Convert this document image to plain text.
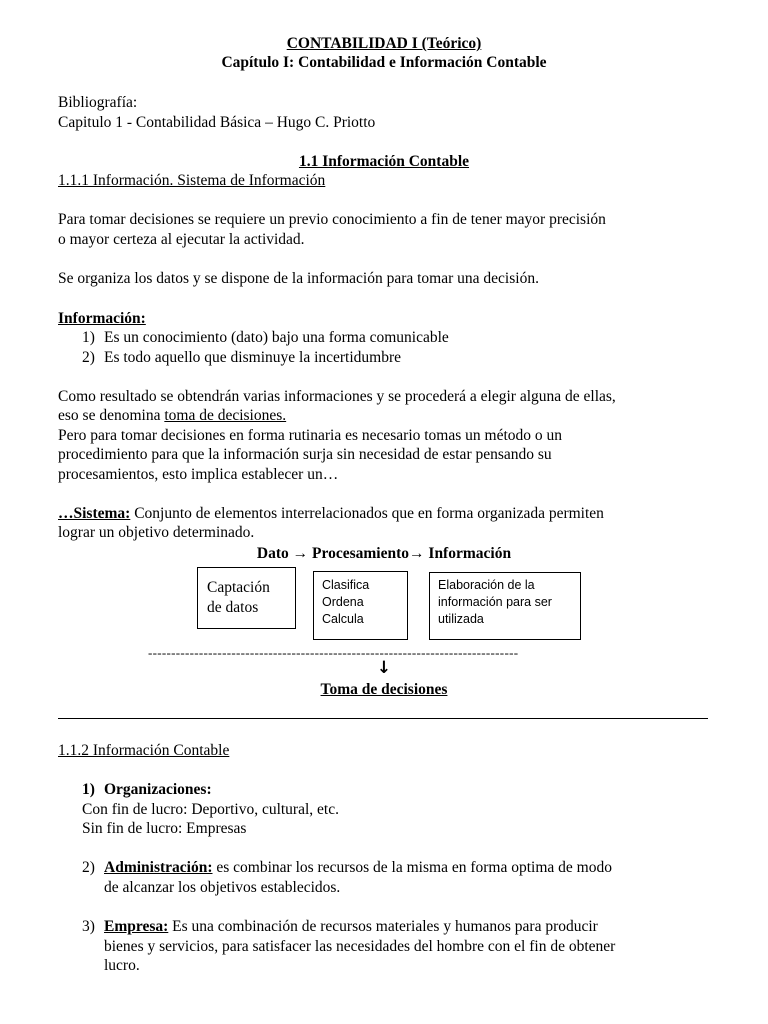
CONTABILIDAD I (Teórico)
Capítulo I: Contabilidad e Información Contable
Bibliografía:
Capitulo 1 - Contabilidad Básica – Hugo C. Priotto
1.1 Información Contable
1.1.1 Información. Sistema de Información
Para tomar decisiones se requiere un previo conocimiento a fin de tener mayor precisión
o mayor certeza al ejecutar la actividad.
Se organiza los datos y se dispone de la información para tomar una decisión.
Información:
1) Es un conocimiento (dato) bajo una forma comunicable
2) Es todo aquello que disminuye la incertidumbre
Como resultado se obtendrán varias informaciones y se procederá a elegir alguna de ellas,
eso se denomina toma de decisiones.
Pero para tomar decisiones en forma rutinaria es necesario tomas un método o un
procedimiento para que la información surja sin necesidad de estar pensando su
procesamientos, esto implica establecer un…
…Sistema: Conjunto de elementos interrelacionados que en forma organizada permiten
lograr un objetivo determinado.
Dato → Procesamiento→ Información
Captación
de datos
Clasifica
Ordena
Calcula
Elaboración de la
información para ser
utilizada
--------------------------------------------------------------------------------
↓
Toma de decisiones
1.1.2 Información Contable
1) Organizaciones:
Con fin de lucro: Deportivo, cultural, etc.
Sin fin de lucro: Empresas
2) Administración: es combinar los recursos de la misma en forma optima de modo
de alcanzar los objetivos establecidos.
3) Empresa: Es una combinación de recursos materiales y humanos para producir
bienes y servicios, para satisfacer las necesidades del hombre con el fin de obtener
lucro.
